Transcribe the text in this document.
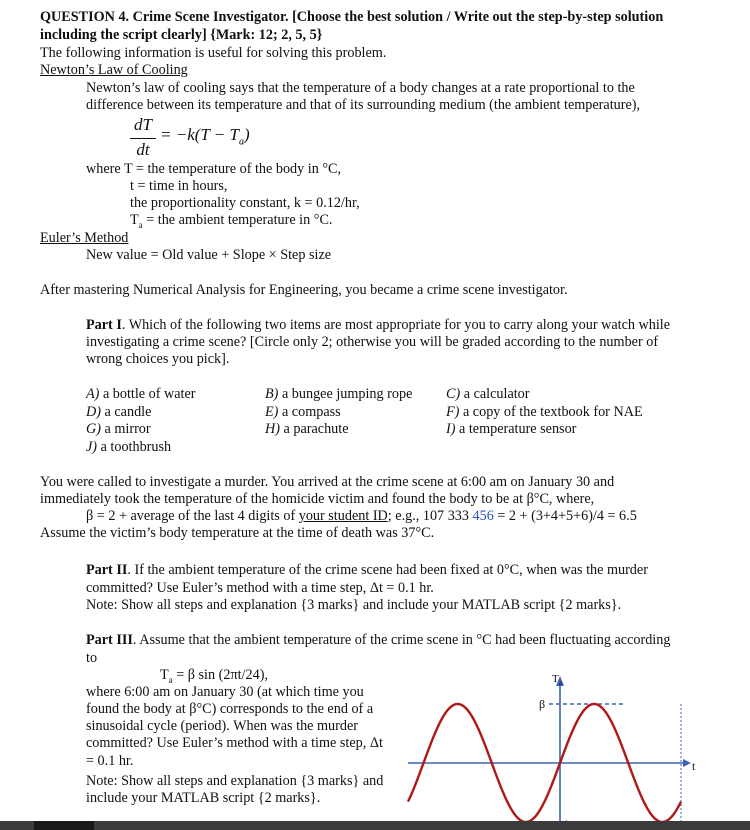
QUESTION 4. Crime Scene Investigator. [Choose the best solution / Write out the step-by-step solution
including the script clearly] {Mark: 12; 2, 5, 5}
The following information is useful for solving this problem.
Newton’s Law of Cooling
Newton’s law of cooling says that the temperature of a body changes at a rate proportional to the
difference between its temperature and that of its surrounding medium (the ambient temperature),
dT
dt
= $-k(T - T_a)$
where T = the temperature of the body in °C,
t = time in hours,
the proportionality constant, k = 0.12/hr,
$T_a$ = the ambient temperature in °C.
Euler’s Method
New value = Old value + Slope × Step size
After mastering Numerical Analysis for Engineering, you became a crime scene investigator.
Part I. Which of the following two items are most appropriate for you to carry along your watch while
investigating a crime scene? [Circle only 2; otherwise you will be graded according to the number of
wrong choices you pick].
A) a bottle of water	B) a bungee jumping rope C) a calculator
D) a candle	E) a compass	F) a copy of the textbook for NAE
G) a mirror	H) a parachute	I) a temperature sensor
J) a toothbrush
You were called to investigate a murder. You arrived at the crime scene at 6:00 am on January 30 and
immediately took the temperature of the homicide victim and found the body to be at β°C, where,
β = 2 + average of the last 4 digits of your student ID; e.g., 107 333 456 = 2 + (3+4+5+6)/4 = 6.5
Assume the victim’s body temperature at the time of death was 37°C.
Part II. If the ambient temperature of the crime scene had been fixed at 0°C, when was the murder
committed? Use Euler’s method with a time step, Δt = 0.1 hr.
Note: Show all steps and explanation {3 marks} and include your MATLAB script {2 marks}.
Part III. Assume that the ambient temperature of the crime scene in °C had been fluctuating according
to
$T_a = \beta$ sin (2πt/24),
where 6:00 am on January 30 (at which time you
found the body at β°C) corresponds to the end of a
sinusoidal cycle (period). When was the murder
committed? Use Euler’s method with a time step, Δt
= 0.1 hr.
Note: Show all steps and explanation {3 marks} and
include your MATLAB script {2 marks}.
T a
β
t
